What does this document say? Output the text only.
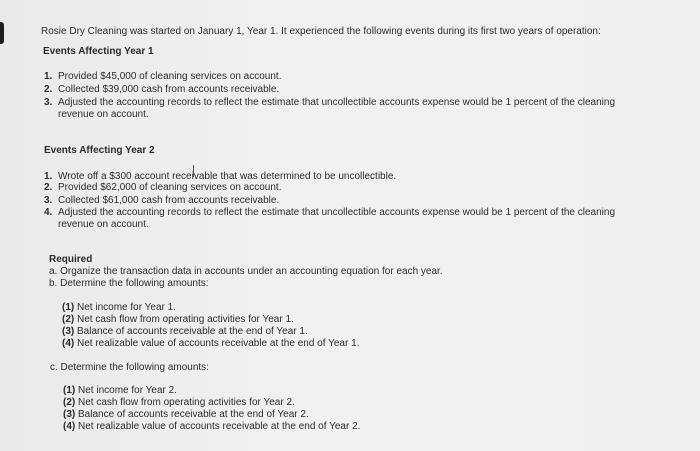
Rosie Dry Cleaning was started on January 1, Year 1. It experienced the following events during its first two years of operation:
Events Affecting Year 1
1. Provided $45,000 of cleaning services on account.
2. Collected $39,000 cash from accounts receivable.
3. Adjusted the accounting records to reflect the estimate that uncollectible accounts expense would be 1 percent of the cleaning
revenue on account.
Events Affecting Year 2
1. Wrote off a $300 account receivable that was determined to be uncollectible.
2. Provided $62,000 of cleaning services on account.
3. Collected $61,000 cash from accounts receivable.
4. Adjusted the accounting records to reflect the estimate that uncollectible accounts expense would be 1 percent of the cleaning
revenue on account.
Required
a. Organize the transaction data in accounts under an accounting equation for each year.
b. Determine the following amounts:
(1) Net income for Year 1.
(2) Net cash flow from operating activities for Year 1.
(3) Balance of accounts receivable at the end of Year 1.
(4) Net realizable value of accounts receivable at the end of Year 1.
c. Determine the following amounts:
(1) Net income for Year 2.
(2) Net cash flow from operating activities for Year 2.
(3) Balance of accounts receivable at the end of Year 2.
(4) Net realizable value of accounts receivable at the end of Year 2.
